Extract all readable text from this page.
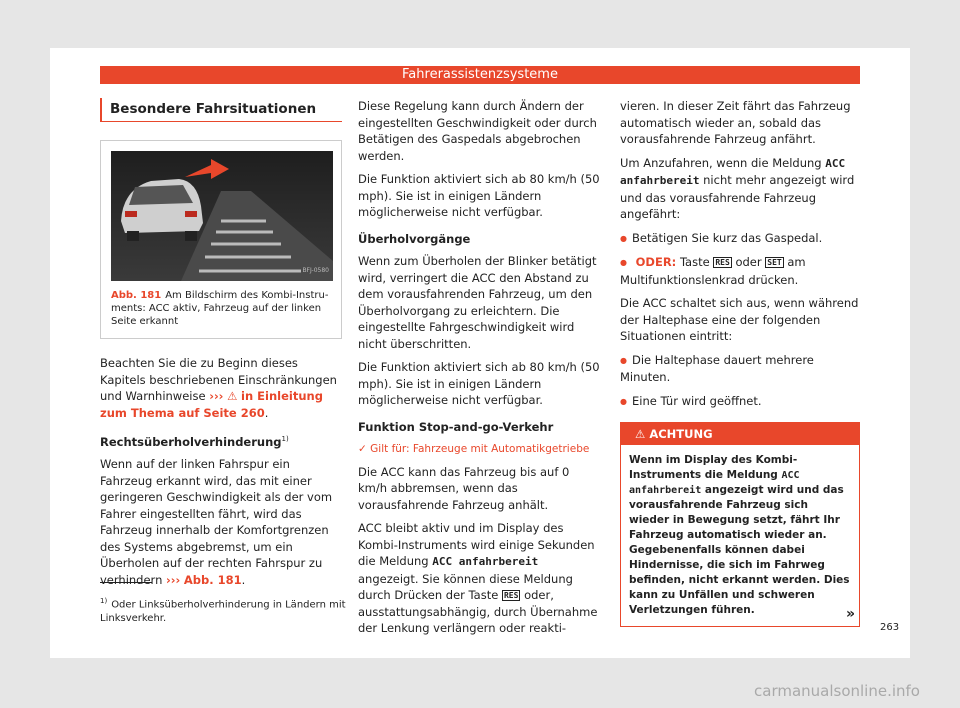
Fahrerassistenzsysteme
Besondere Fahrsituationen
BFJ-0580
Abb. 181 Am Bildschirm des Kombi-Instruments: ACC aktiv, Fahrzeug auf der linken Seite erkannt

Beachten Sie die zu Beginn dieses Kapitels beschriebenen Einschränkungen und Warnhinweise ››› ⚠ in Einleitung zum Thema auf Seite 260.

Rechtsüberholverhinderung$^{1)}$

Wenn auf der linken Fahrspur ein Fahrzeug erkannt wird, das mit einer geringeren Geschwindigkeit als der vom Fahrer eingestellten fährt, wird das Fahrzeug innerhalb der Komfortgrenzen des Systems abgebremst, um ein Überholen auf der rechten Fahrspur zu verhindern ››› Abb. 181.

Diese Regelung kann durch Ändern der eingestellten Geschwindigkeit oder durch Betätigen des Gaspedals abgebrochen werden.

Die Funktion aktiviert sich ab 80 km/h (50 mph). Sie ist in einigen Ländern möglicherweise nicht verfügbar.

Überholvorgänge

Wenn zum Überholen der Blinker betätigt wird, verringert die ACC den Abstand zu dem vorausfahrenden Fahrzeug, um den Überholvorgang zu erleichtern. Die eingestellte Fahrgeschwindigkeit wird nicht überschritten.

Die Funktion aktiviert sich ab 80 km/h (50 mph). Sie ist in einigen Ländern möglicherweise nicht verfügbar.

Funktion Stop-and-go-Verkehr
✓ Gilt für: Fahrzeuge mit Automatikgetriebe

Die ACC kann das Fahrzeug bis auf 0 km/h abbremsen, wenn das vorausfahrende Fahrzeug anhält.

ACC bleibt aktiv und im Display des Kombi-Instruments wird einige Sekunden die Meldung ACC anfahrbereit angezeigt. Sie können diese Meldung durch Drücken der Taste RES oder, ausstattungsabhängig, durch Übernahme der Lenkung verlängern oder reakti-

vieren. In dieser Zeit fährt das Fahrzeug automatisch wieder an, sobald das vorausfahrende Fahrzeug anfährt.

Um Anzufahren, wenn die Meldung ACC anfahrbereit nicht mehr angezeigt wird und das vorausfahrende Fahrzeug angefährt:

● Betätigen Sie kurz das Gaspedal.
● ODER: Taste RES oder SET am Multifunktionslenkrad drücken.

Die ACC schaltet sich aus, wenn während der Haltephase eine der folgenden Situationen eintritt:

● Die Haltephase dauert mehrere Minuten.
● Eine Tür wird geöffnet.
⚠ ACHTUNG
Wenn im Display des Kombi-Instruments die Meldung ACC anfahrbereit angezeigt wird und das vorausfahrende Fahrzeug sich wieder in Bewegung setzt, fährt Ihr Fahrzeug automatisch wieder an. Gegebenenfalls können dabei Hindernisse, die sich im Fahrweg befinden, nicht erkannt werden. Dies kann zu Unfällen und schweren Verletzungen führen.	»
$^{1)}$ Oder Linksüberholverhinderung in Ländern mit Linksverkehr.
263
carmanualsonline.info
